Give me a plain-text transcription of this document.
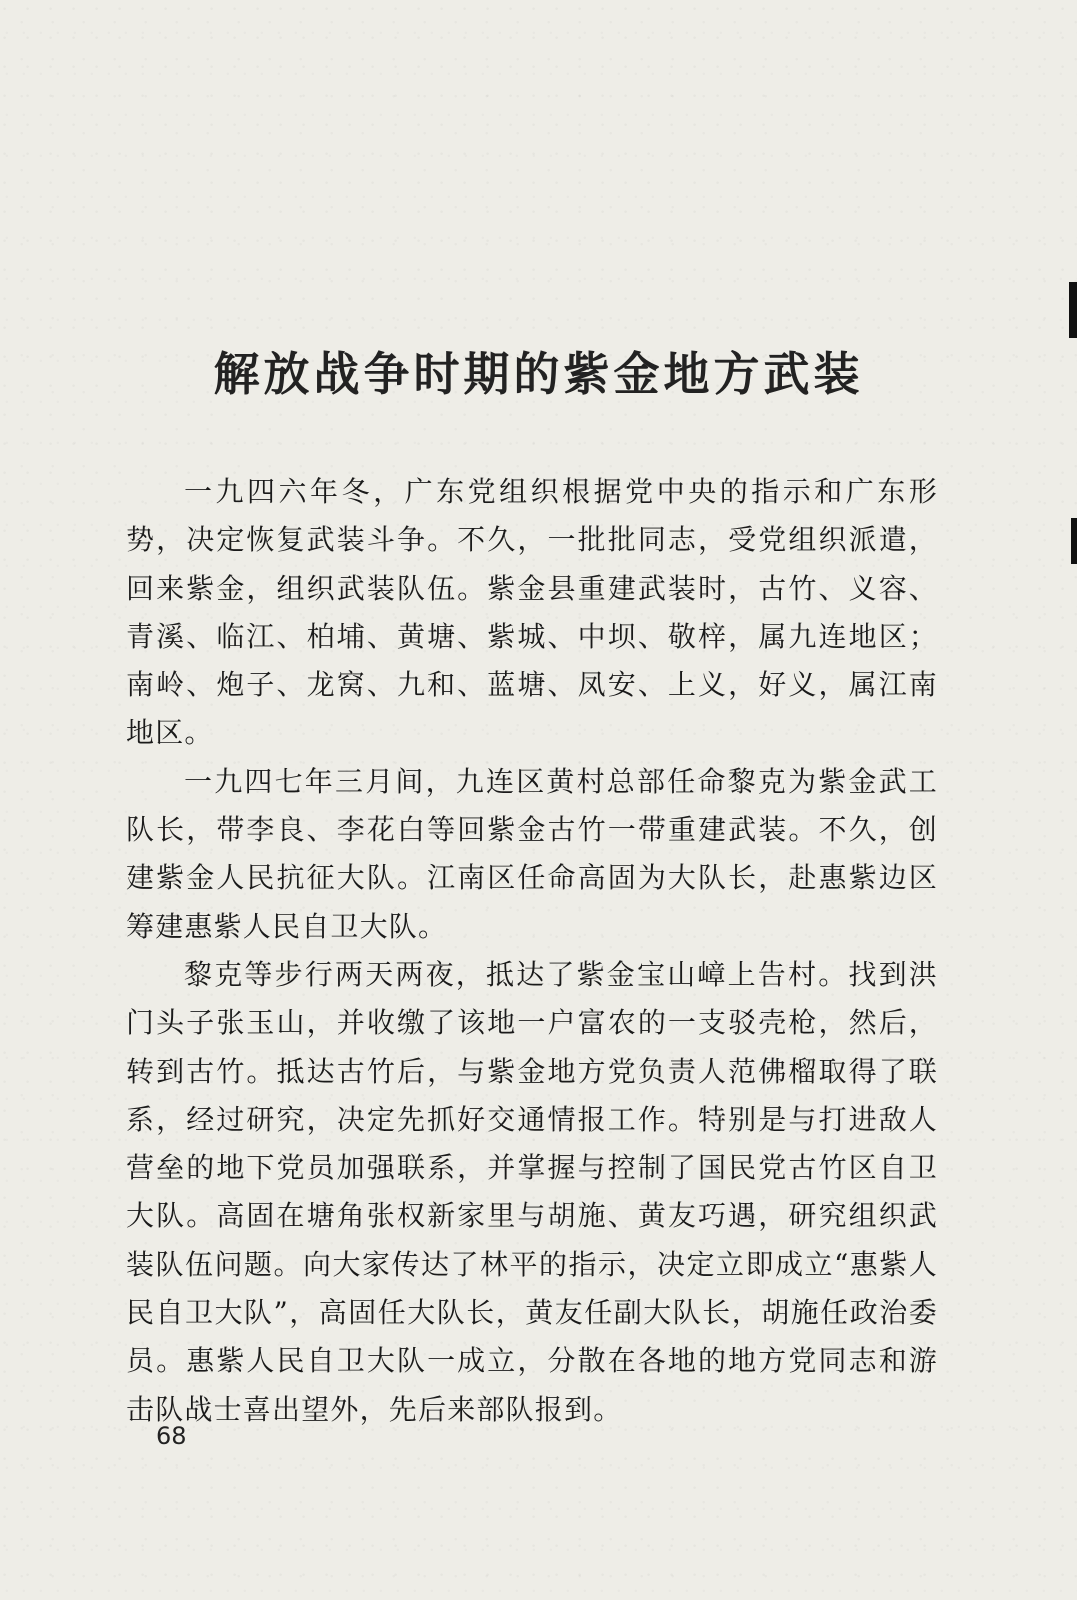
解放战争时期的紫金地方武装

一九四六年冬，广东党组织根据党中央的指示和广东形势，决定恢复武装斗争。不久，一批批同志，受党组织派遣，回来紫金，组织武装队伍。紫金县重建武装时，古竹、义容、青溪、临江、柏埔、黄塘、紫城、中坝、敬梓，属九连地区；南岭、炮子、龙窝、九和、蓝塘、凤安、上义，好义，属江南地区。

一九四七年三月间，九连区黄村总部任命黎克为紫金武工队长，带李良、李花白等回紫金古竹一带重建武装。不久，创建紫金人民抗征大队。江南区任命高固为大队长，赴惠紫边区筹建惠紫人民自卫大队。

黎克等步行两天两夜，抵达了紫金宝山嶂上告村。找到洪门头子张玉山，并收缴了该地一户富农的一支驳壳枪，然后，转到古竹。抵达古竹后，与紫金地方党负责人范佛榴取得了联系，经过研究，决定先抓好交通情报工作。特别是与打进敌人营垒的地下党员加强联系，并掌握与控制了国民党古竹区自卫大队。高固在塘角张权新家里与胡施、黄友巧遇，研究组织武装队伍问题。向大家传达了林平的指示，决定立即成立“惠紫人民自卫大队”，高固任大队长，黄友任副大队长，胡施任政治委员。惠紫人民自卫大队一成立，分散在各地的地方党同志和游击队战士喜出望外，先后来部队报到。

68
